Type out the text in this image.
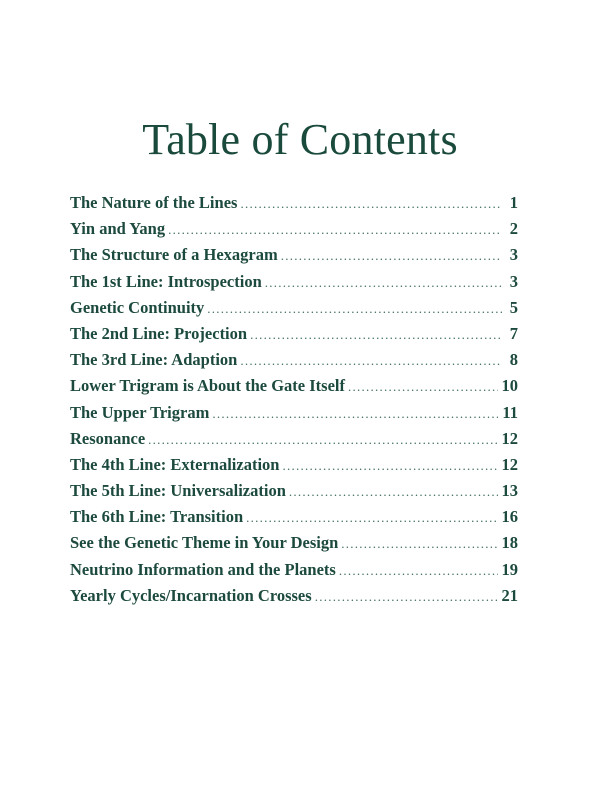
Table of Contents
The Nature of the Lines . . .	1
Yin and Yang . . .	2
The Structure of a Hexagram . . .	3
The 1st Line: Introspection . . .	3
Genetic Continuity . . .	5
The 2nd Line: Projection . . .	7
The 3rd Line: Adaption . . .	8
Lower Trigram is About the Gate Itself . . .	10
The Upper Trigram . . .	11
Resonance . . .	12
The 4th Line: Externalization . . .	12
The 5th Line: Universalization . . .	13
The 6th Line: Transition . . .	16
See the Genetic Theme in Your Design . . .	18
Neutrino Information and the Planets . . .	19
Yearly Cycles/Incarnation Crosses . . .	21
